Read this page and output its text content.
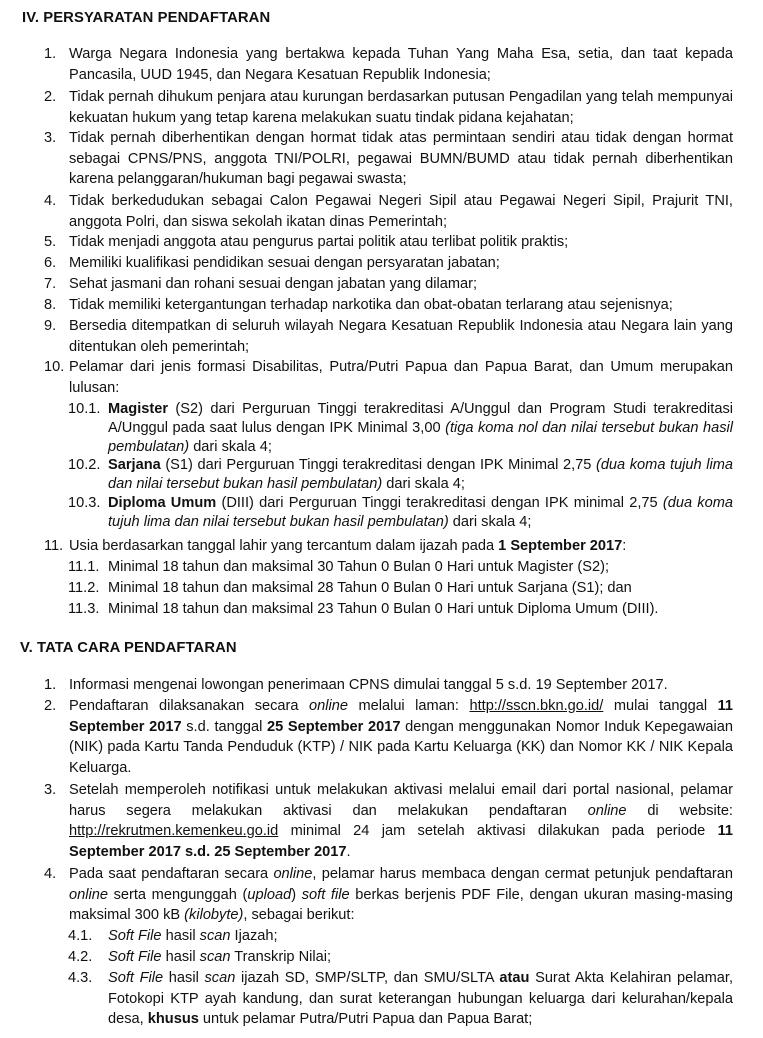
IV. PERSYARATAN PENDAFTARAN
1. Warga Negara Indonesia yang bertakwa kepada Tuhan Yang Maha Esa, setia, dan taat kepada Pancasila, UUD 1945, dan Negara Kesatuan Republik Indonesia;
2. Tidak pernah dihukum penjara atau kurungan berdasarkan putusan Pengadilan yang telah mempunyai kekuatan hukum yang tetap karena melakukan suatu tindak pidana kejahatan;
3. Tidak pernah diberhentikan dengan hormat tidak atas permintaan sendiri atau tidak dengan hormat sebagai CPNS/PNS, anggota TNI/POLRI, pegawai BUMN/BUMD atau tidak pernah diberhentikan karena pelanggaran/hukuman bagi pegawai swasta;
4. Tidak berkedudukan sebagai Calon Pegawai Negeri Sipil atau Pegawai Negeri Sipil, Prajurit TNI, anggota Polri, dan siswa sekolah ikatan dinas Pemerintah;
5. Tidak menjadi anggota atau pengurus partai politik atau terlibat politik praktis;
6. Memiliki kualifikasi pendidikan sesuai dengan persyaratan jabatan;
7. Sehat jasmani dan rohani sesuai dengan jabatan yang dilamar;
8. Tidak memiliki ketergantungan terhadap narkotika dan obat-obatan terlarang atau sejenisnya;
9. Bersedia ditempatkan di seluruh wilayah Negara Kesatuan Republik Indonesia atau Negara lain yang ditentukan oleh pemerintah;
10. Pelamar dari jenis formasi Disabilitas, Putra/Putri Papua dan Papua Barat, dan Umum merupakan lulusan:
10.1. Magister (S2) dari Perguruan Tinggi terakreditasi A/Unggul dan Program Studi terakreditasi A/Unggul pada saat lulus dengan IPK Minimal 3,00 (tiga koma nol dan nilai tersebut bukan hasil pembulatan) dari skala 4;
10.2. Sarjana (S1) dari Perguruan Tinggi terakreditasi dengan IPK Minimal 2,75 (dua koma tujuh lima dan nilai tersebut bukan hasil pembulatan) dari skala 4;
10.3. Diploma Umum (DIII) dari Perguruan Tinggi terakreditasi dengan IPK minimal 2,75 (dua koma tujuh lima dan nilai tersebut bukan hasil pembulatan) dari skala 4;
11. Usia berdasarkan tanggal lahir yang tercantum dalam ijazah pada 1 September 2017:
11.1. Minimal 18 tahun dan maksimal 30 Tahun 0 Bulan 0 Hari untuk Magister (S2);
11.2. Minimal 18 tahun dan maksimal 28 Tahun 0 Bulan 0 Hari untuk Sarjana (S1); dan
11.3. Minimal 18 tahun dan maksimal 23 Tahun 0 Bulan 0 Hari untuk Diploma Umum (DIII).
V. TATA CARA PENDAFTARAN
1. Informasi mengenai lowongan penerimaan CPNS dimulai tanggal 5 s.d. 19 September 2017.
2. Pendaftaran dilaksanakan secara online melalui laman: http://sscn.bkn.go.id/ mulai tanggal 11 September 2017 s.d. tanggal 25 September 2017 dengan menggunakan Nomor Induk Kepegawaian (NIK) pada Kartu Tanda Penduduk (KTP) / NIK pada Kartu Keluarga (KK) dan Nomor KK / NIK Kepala Keluarga.
3. Setelah memperoleh notifikasi untuk melakukan aktivasi melalui email dari portal nasional, pelamar harus segera melakukan aktivasi dan melakukan pendaftaran online di website: http://rekrutmen.kemenkeu.go.id minimal 24 jam setelah aktivasi dilakukan pada periode 11 September 2017 s.d. 25 September 2017.
4. Pada saat pendaftaran secara online, pelamar harus membaca dengan cermat petunjuk pendaftaran online serta mengunggah (upload) soft file berkas berjenis PDF File, dengan ukuran masing-masing maksimal 300 kB (kilobyte), sebagai berikut:
4.1. Soft File hasil scan Ijazah;
4.2. Soft File hasil scan Transkrip Nilai;
4.3. Soft File hasil scan ijazah SD, SMP/SLTP, dan SMU/SLTA atau Surat Akta Kelahiran pelamar, Fotokopi KTP ayah kandung, dan surat keterangan hubungan keluarga dari kelurahan/kepala desa, khusus untuk pelamar Putra/Putri Papua dan Papua Barat;
